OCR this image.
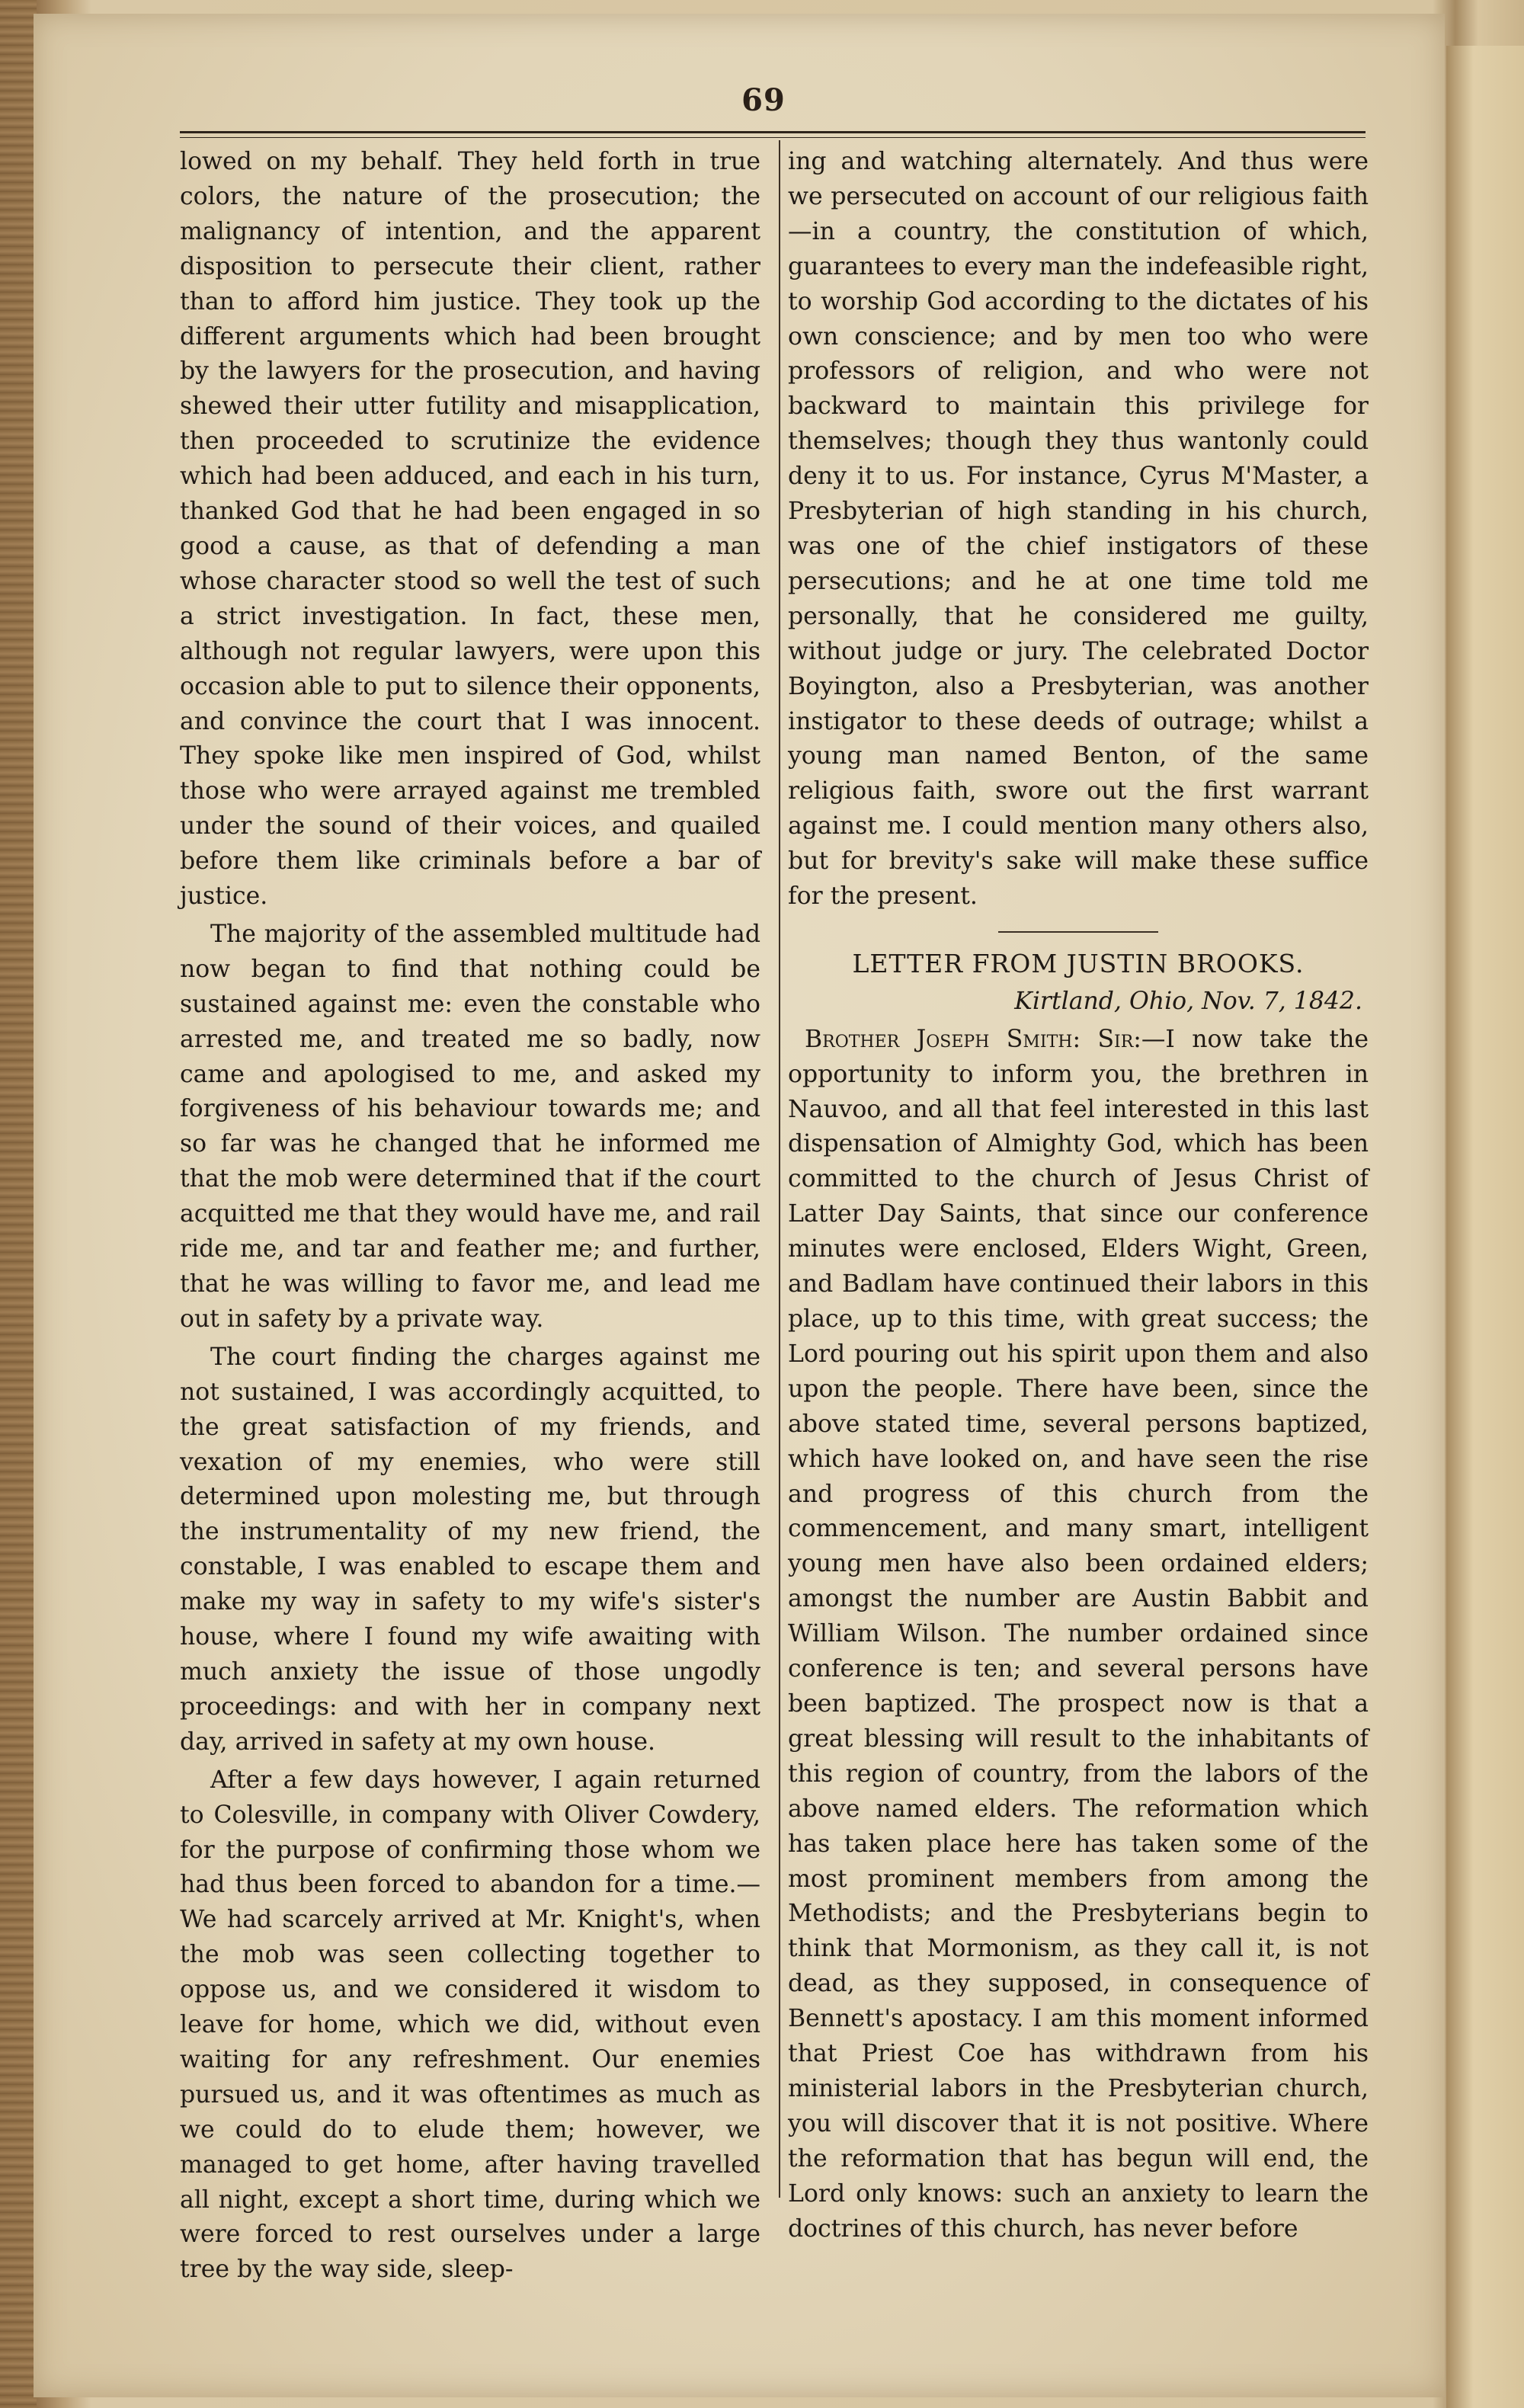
69

lowed on my behalf. They held forth in true colors, the nature of the prosecution; the malignancy of intention, and the apparent disposition to persecute their client, rather than to afford him justice. They took up the different arguments which had been brought by the lawyers for the prosecution, and having shewed their utter futility and misapplication, then proceeded to scrutinize the evidence which had been adduced, and each in his turn, thanked God that he had been engaged in so good a cause, as that of defending a man whose character stood so well the test of such a strict investigation. In fact, these men, although not regular lawyers, were upon this occasion able to put to silence their opponents, and convince the court that I was innocent. They spoke like men inspired of God, whilst those who were arrayed against me trembled under the sound of their voices, and quailed before them like criminals before a bar of justice.

The majority of the assembled multitude had now began to find that nothing could be sustained against me: even the constable who arrested me, and treated me so badly, now came and apologised to me, and asked my forgiveness of his behaviour towards me; and so far was he changed that he informed me that the mob were determined that if the court acquitted me that they would have me, and rail ride me, and tar and feather me; and further, that he was willing to favor me, and lead me out in safety by a private way.

The court finding the charges against me not sustained, I was accordingly acquitted, to the great satisfaction of my friends, and vexation of my enemies, who were still determined upon molesting me, but through the instrumentality of my new friend, the constable, I was enabled to escape them and make my way in safety to my wife's sister's house, where I found my wife awaiting with much anxiety the issue of those ungodly proceedings: and with her in company next day, arrived in safety at my own house.

After a few days however, I again returned to Colesville, in company with Oliver Cowdery, for the purpose of confirming those whom we had thus been forced to abandon for a time.—We had scarcely arrived at Mr. Knight's, when the mob was seen collecting together to oppose us, and we considered it wisdom to leave for home, which we did, without even waiting for any refreshment. Our enemies pursued us, and it was oftentimes as much as we could do to elude them; however, we managed to get home, after having travelled all night, except a short time, during which we were forced to rest ourselves under a large tree by the way side, sleep-

ing and watching alternately. And thus were we persecuted on account of our religious faith —in a country, the constitution of which, guarantees to every man the indefeasible right, to worship God according to the dictates of his own conscience; and by men too who were professors of religion, and who were not backward to maintain this privilege for themselves; though they thus wantonly could deny it to us. For instance, Cyrus M'Master, a Presbyterian of high standing in his church, was one of the chief instigators of these persecutions; and he at one time told me personally, that he considered me guilty, without judge or jury. The celebrated Doctor Boyington, also a Presbyterian, was another instigator to these deeds of outrage; whilst a young man named Benton, of the same religious faith, swore out the first warrant against me. I could mention many others also, but for brevity's sake will make these suffice for the present.

LETTER FROM JUSTIN BROOKS.

Kirtland, Ohio, Nov. 7, 1842.

Brother Joseph Smith: Sir:—I now take the opportunity to inform you, the brethren in Nauvoo, and all that feel interested in this last dispensation of Almighty God, which has been committed to the church of Jesus Christ of Latter Day Saints, that since our conference minutes were enclosed, Elders Wight, Green, and Badlam have continued their labors in this place, up to this time, with great success; the Lord pouring out his spirit upon them and also upon the people. There have been, since the above stated time, several persons baptized, which have looked on, and have seen the rise and progress of this church from the commencement, and many smart, intelligent young men have also been ordained elders; amongst the number are Austin Babbit and William Wilson. The number ordained since conference is ten; and several persons have been baptized. The prospect now is that a great blessing will result to the inhabitants of this region of country, from the labors of the above named elders. The reformation which has taken place here has taken some of the most prominent members from among the Methodists; and the Presbyterians begin to think that Mormonism, as they call it, is not dead, as they supposed, in consequence of Bennett's apostacy. I am this moment informed that Priest Coe has withdrawn from his ministerial labors in the Presbyterian church, you will discover that it is not positive. Where the reformation that has begun will end, the Lord only knows: such an anxiety to learn the doctrines of this church, has never before
